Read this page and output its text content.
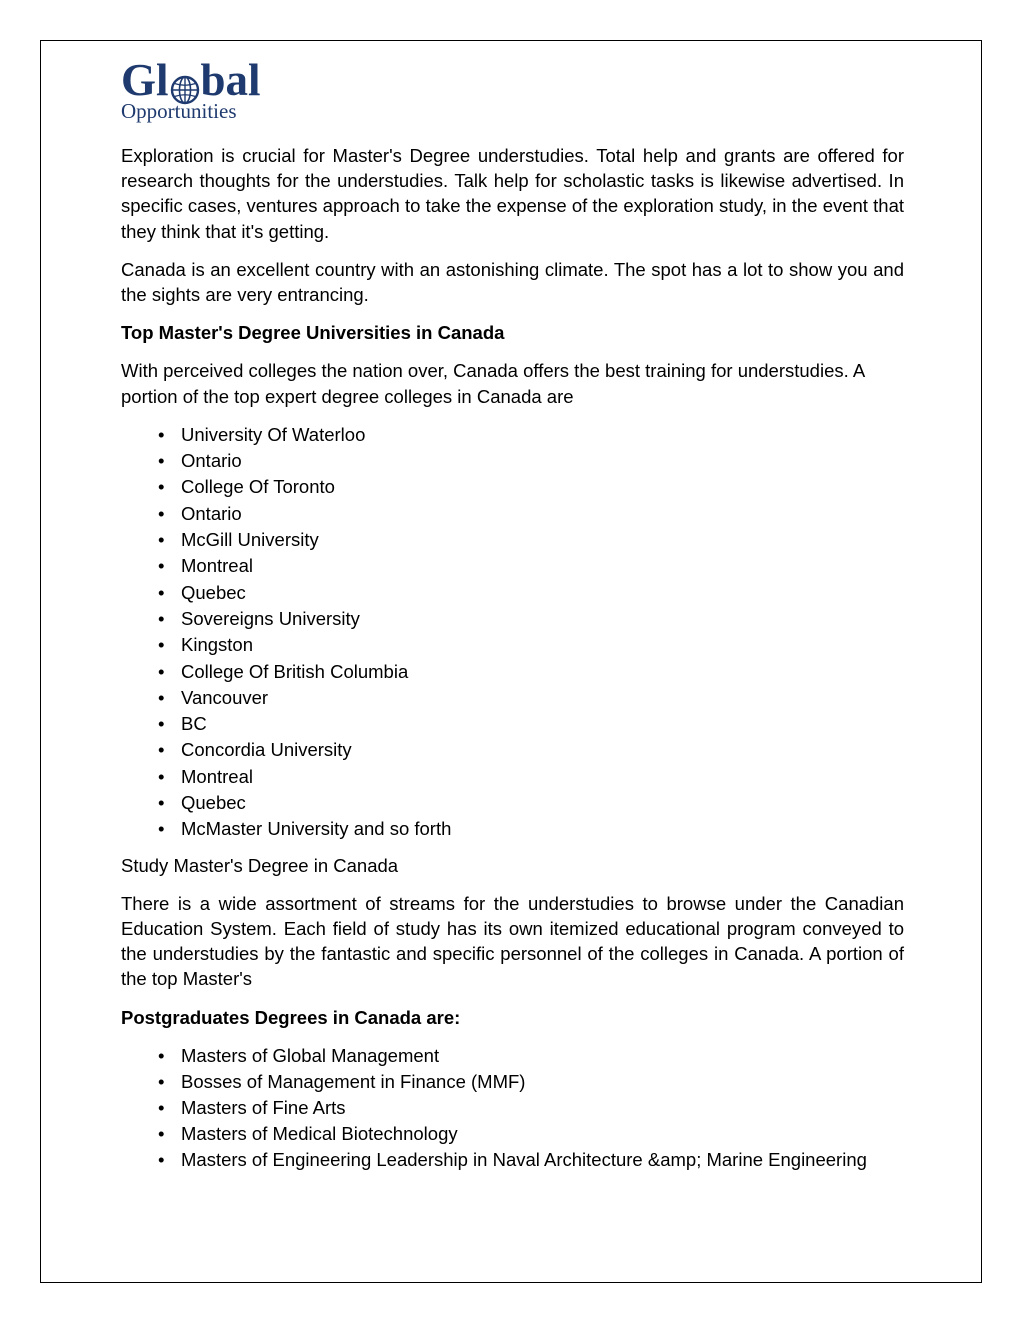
Gl bal
Opportunities

Exploration is crucial for Master's Degree understudies. Total help and grants are offered for research thoughts for the understudies. Talk help for scholastic tasks is likewise advertised. In specific cases, ventures approach to take the expense of the exploration study, in the event that they think that it's getting.

Canada is an excellent country with an astonishing climate. The spot has a lot to show you and the sights are very entrancing.

Top Master's Degree Universities in Canada

With perceived colleges the nation over, Canada offers the best training for understudies. A portion of the top expert degree colleges in Canada are

• University Of Waterloo
• Ontario
• College Of Toronto
• Ontario
• McGill University
• Montreal
• Quebec
• Sovereigns University
• Kingston
• College Of British Columbia
• Vancouver
• BC
• Concordia University
• Montreal
• Quebec
• McMaster University and so forth

Study Master's Degree in Canada

There is a wide assortment of streams for the understudies to browse under the Canadian Education System. Each field of study has its own itemized educational program conveyed to the understudies by the fantastic and specific personnel of the colleges in Canada. A portion of the top Master's

Postgraduates Degrees in Canada are:
• Masters of Global Management
• Bosses of Management in Finance (MMF)
• Masters of Fine Arts
• Masters of Medical Biotechnology
• Masters of Engineering Leadership in Naval Architecture &amp; Marine Engineering
